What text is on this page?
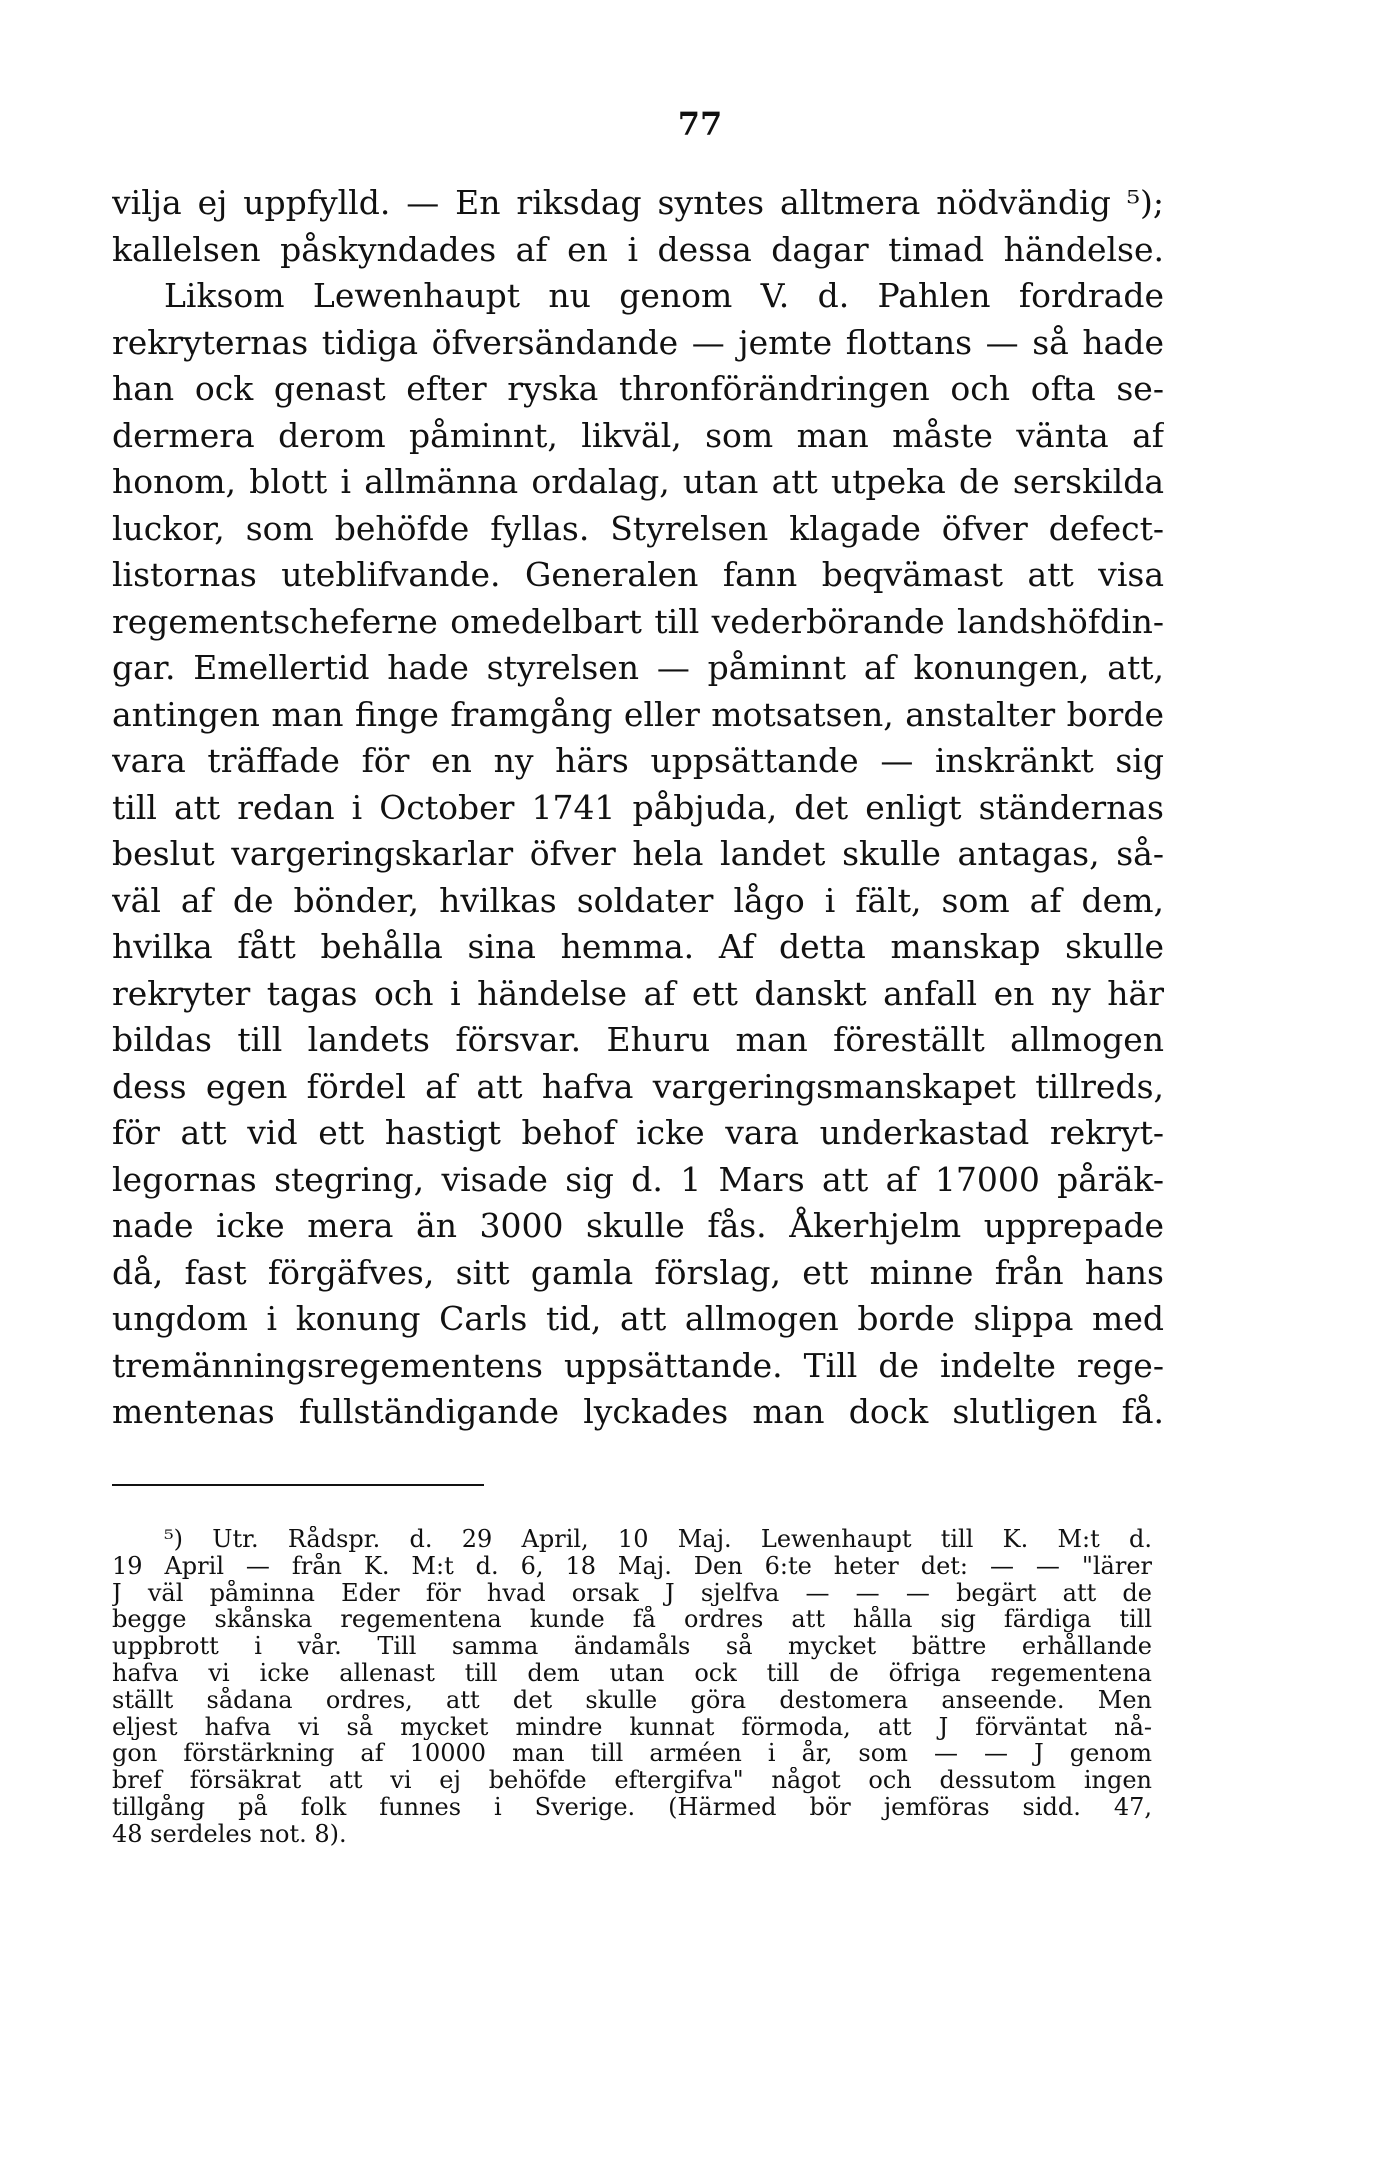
77
vilja ej uppfylld. — En riksdag syntes alltmera nödvändig ⁵);
kallelsen påskyndades af en i dessa dagar timad händelse.
Liksom Lewenhaupt nu genom V. d. Pahlen fordrade
rekryternas tidiga öfversändande — jemte flottans — så hade
han ock genast efter ryska thronförändringen och ofta se-
dermera derom påminnt, likväl, som man måste vänta af
honom, blott i allmänna ordalag, utan att utpeka de serskilda
luckor, som behöfde fyllas. Styrelsen klagade öfver defect-
listornas uteblifvande. Generalen fann beqvämast att visa
regementscheferne omedelbart till vederbörande landshöfdin-
gar. Emellertid hade styrelsen — påminnt af konungen, att,
antingen man finge framgång eller motsatsen, anstalter borde
vara träffade för en ny härs uppsättande — inskränkt sig
till att redan i October 1741 påbjuda, det enligt ständernas
beslut vargeringskarlar öfver hela landet skulle antagas, så-
väl af de bönder, hvilkas soldater lågo i fält, som af dem,
hvilka fått behålla sina hemma. Af detta manskap skulle
rekryter tagas och i händelse af ett danskt anfall en ny här
bildas till landets försvar. Ehuru man föreställt allmogen
dess egen fördel af att hafva vargeringsmanskapet tillreds,
för att vid ett hastigt behof icke vara underkastad rekryt-
legornas stegring, visade sig d. 1 Mars att af 17000 påräk-
nade icke mera än 3000 skulle fås. Åkerhjelm upprepade
då, fast förgäfves, sitt gamla förslag, ett minne från hans
ungdom i konung Carls tid, att allmogen borde slippa med
tremänningsregementens uppsättande. Till de indelte rege-
mentenas fullständigande lyckades man dock slutligen få.
⁵) Utr. Rådspr. d. 29 April, 10 Maj. Lewenhaupt till K. M:t d.
19 April — från K. M:t d. 6, 18 Maj. Den 6:te heter det: — — "lärer
J väl påminna Eder för hvad orsak J sjelfva — — — begärt att de
begge skånska regementena kunde få ordres att hålla sig färdiga till
uppbrott i vår. Till samma ändamåls så mycket bättre erhållande
hafva vi icke allenast till dem utan ock till de öfriga regementena
ställt sådana ordres, att det skulle göra destomera anseende. Men
eljest hafva vi så mycket mindre kunnat förmoda, att J förväntat nå-
gon förstärkning af 10000 man till arméen i år, som — — J genom
bref försäkrat att vi ej behöfde eftergifva" något och dessutom ingen
tillgång på folk funnes i Sverige. (Härmed bör jemföras sidd. 47,
48 serdeles not. 8).
